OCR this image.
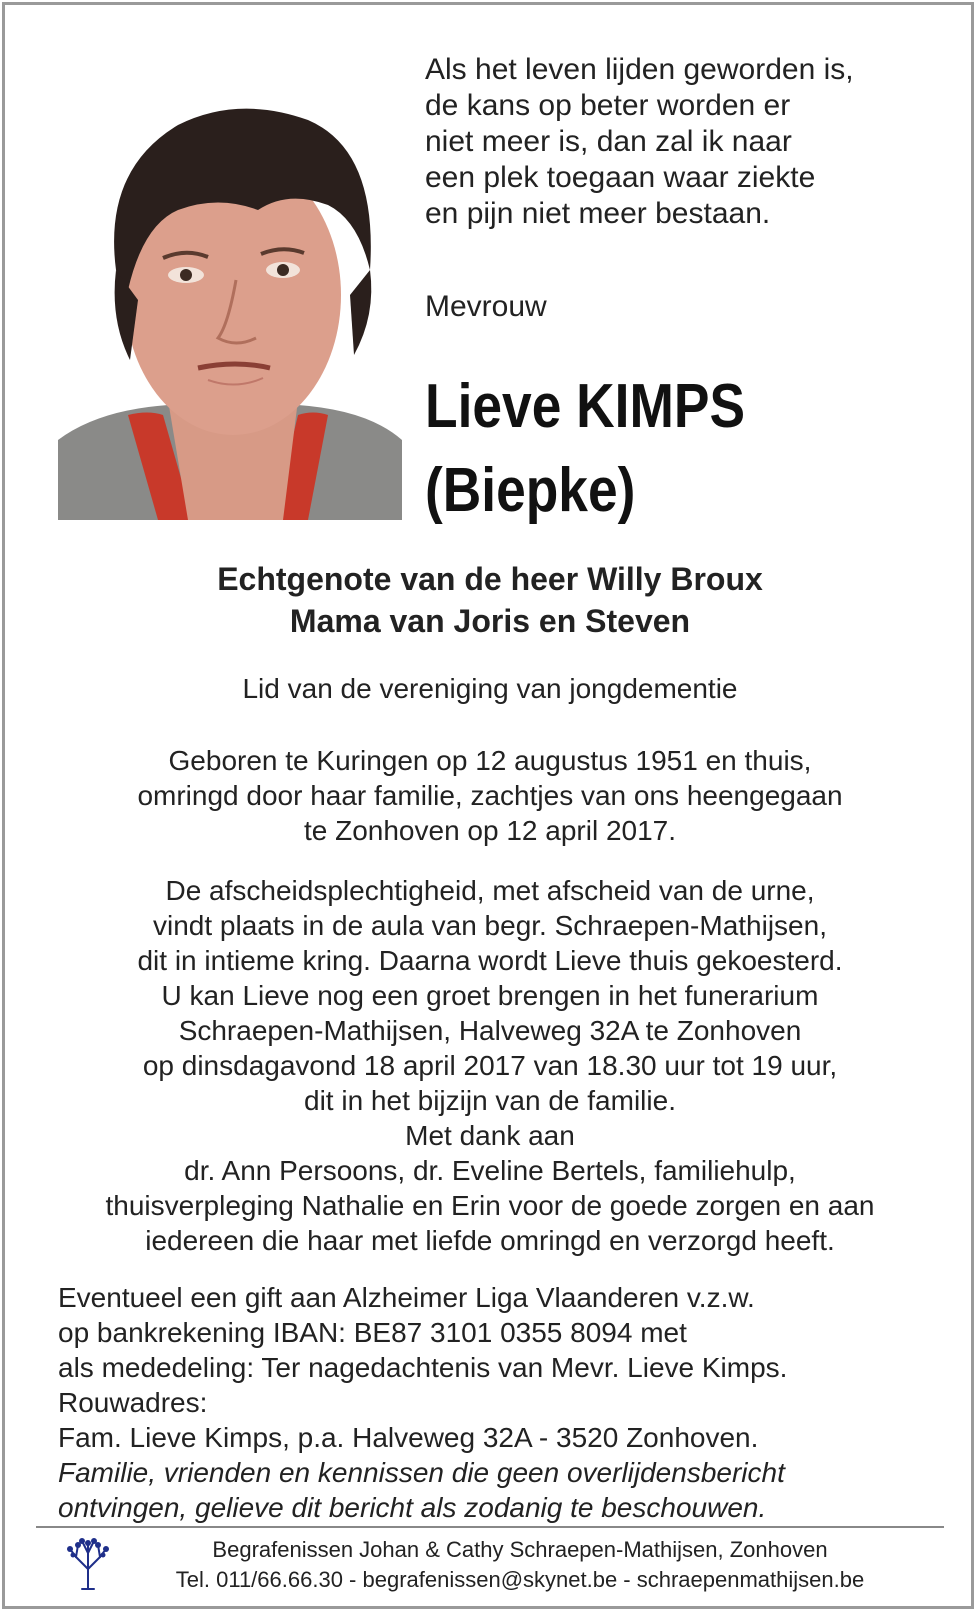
Als het leven lijden geworden is,
de kans op beter worden er
niet meer is, dan zal ik naar
een plek toegaan waar ziekte
en pijn niet meer bestaan.
Mevrouw
Lieve KIMPS
(Biepke)
Echtgenote van de heer Willy Broux
Mama van Joris en Steven
Lid van de vereniging van jongdementie
Geboren te Kuringen op 12 augustus 1951 en thuis,
omringd door haar familie, zachtjes van ons heengegaan
te Zonhoven op 12 april 2017.
De afscheidsplechtigheid, met afscheid van de urne,
vindt plaats in de aula van begr. Schraepen-Mathijsen,
dit in intieme kring. Daarna wordt Lieve thuis gekoesterd.
U kan Lieve nog een groet brengen in het funerarium
Schraepen-Mathijsen, Halveweg 32A te Zonhoven
op dinsdagavond 18 april 2017 van 18.30 uur tot 19 uur,
dit in het bijzijn van de familie.
Met dank aan
dr. Ann Persoons, dr. Eveline Bertels, familiehulp,
thuisverpleging Nathalie en Erin voor de goede zorgen en aan
iedereen die haar met liefde omringd en verzorgd heeft.
Eventueel een gift aan Alzheimer Liga Vlaanderen v.z.w.
op bankrekening IBAN: BE87 3101 0355 8094 met
als mededeling: Ter nagedachtenis van Mevr. Lieve Kimps.
Rouwadres:
Fam. Lieve Kimps, p.a. Halveweg 32A - 3520 Zonhoven.
Familie, vrienden en kennissen die geen overlijdensbericht
ontvingen, gelieve dit bericht als zodanig te beschouwen.
Begrafenissen Johan & Cathy Schraepen-Mathijsen, Zonhoven
Tel. 011/66.66.30 - begrafenissen@skynet.be - schraepenmathijsen.be
